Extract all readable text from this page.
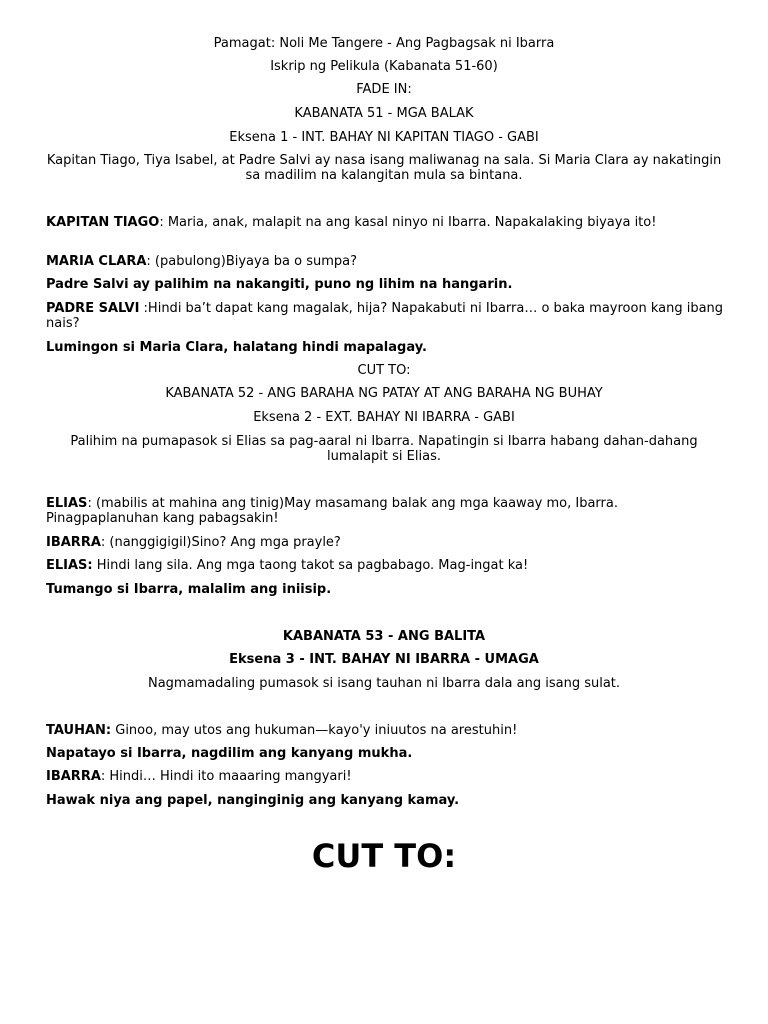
Pamagat: Noli Me Tangere - Ang Pagbagsak ni Ibarra

Iskrip ng Pelikula (Kabanata 51-60)

FADE IN:

KABANATA 51 - MGA BALAK

Eksena 1 - INT. BAHAY NI KAPITAN TIAGO - GABI

Kapitan Tiago, Tiya Isabel, at Padre Salvi ay nasa isang maliwanag na sala. Si Maria Clara ay nakatingin sa madilim na kalangitan mula sa bintana.

KAPITAN TIAGO: Maria, anak, malapit na ang kasal ninyo ni Ibarra. Napakalaking biyaya ito!

MARIA CLARA: (pabulong)Biyaya ba o sumpa?

Padre Salvi ay palihim na nakangiti, puno ng lihim na hangarin.

PADRE SALVI :Hindi ba’t dapat kang magalak, hija? Napakabuti ni Ibarra… o baka mayroon kang ibang nais?

Lumingon si Maria Clara, halatang hindi mapalagay.

CUT TO:

KABANATA 52 - ANG BARAHA NG PATAY AT ANG BARAHA NG BUHAY

Eksena 2 - EXT. BAHAY NI IBARRA - GABI

Palihim na pumapasok si Elias sa pag-aaral ni Ibarra. Napatingin si Ibarra habang dahan-dahang lumalapit si Elias.

ELIAS: (mabilis at mahina ang tinig)May masamang balak ang mga kaaway mo, Ibarra. Pinagpaplanuhan kang pabagsakin!

IBARRA: (nanggigigil)Sino? Ang mga prayle?

ELIAS: Hindi lang sila. Ang mga taong takot sa pagbabago. Mag-ingat ka!

Tumango si Ibarra, malalim ang iniisip.

KABANATA 53 - ANG BALITA

Eksena 3 - INT. BAHAY NI IBARRA - UMAGA

Nagmamadaling pumasok si isang tauhan ni Ibarra dala ang isang sulat.

TAUHAN: Ginoo, may utos ang hukuman—kayo'y iniuutos na arestuhin!

Napatayo si Ibarra, nagdilim ang kanyang mukha.

IBARRA: Hindi… Hindi ito maaaring mangyari!

Hawak niya ang papel, nanginginig ang kanyang kamay.

CUT TO:
